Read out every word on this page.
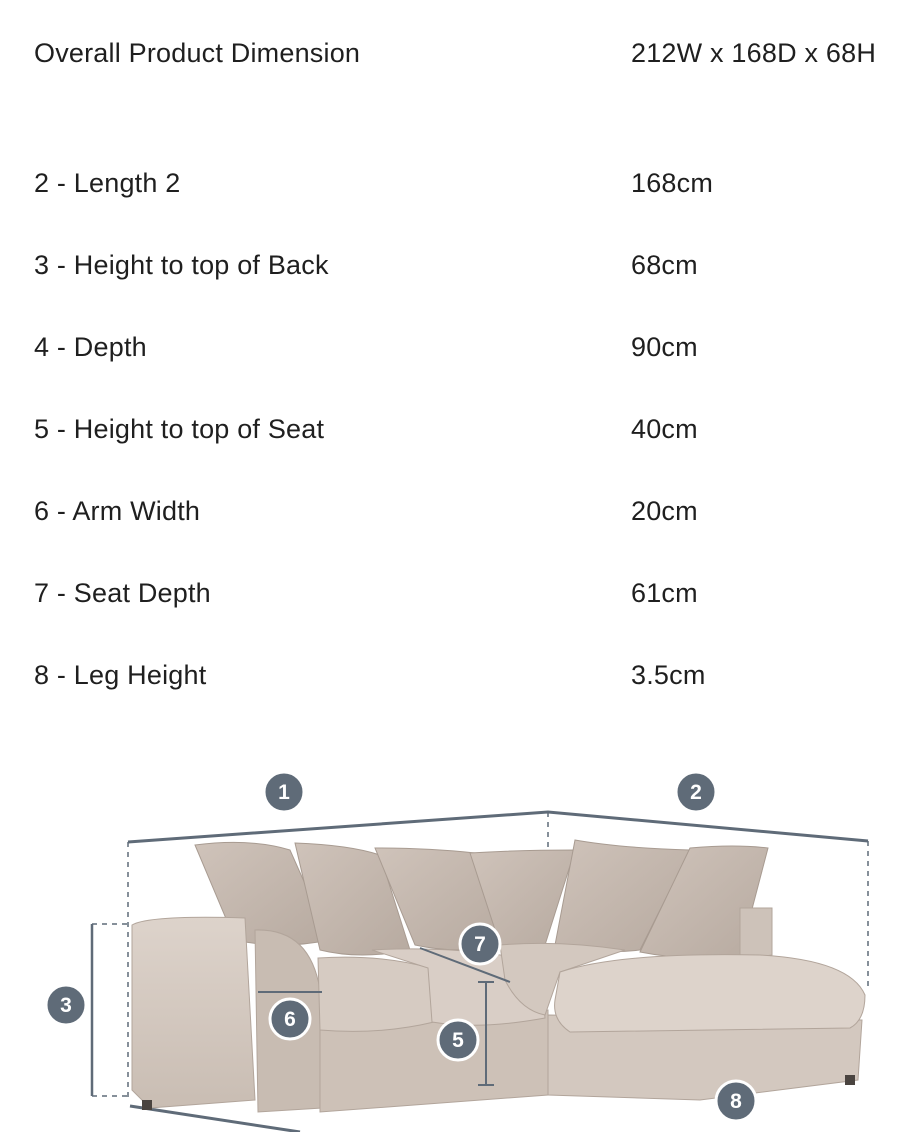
Overall Product Dimension	212W x 168D x 68H
2 - Length 2	168cm
3 - Height to top of Back	68cm
4 - Depth	90cm
5 - Height to top of Seat	40cm
6 - Arm Width	20cm
7 - Seat Depth	61cm
8 - Leg Height	3.5cm
1	2
3
5
6
7
8
